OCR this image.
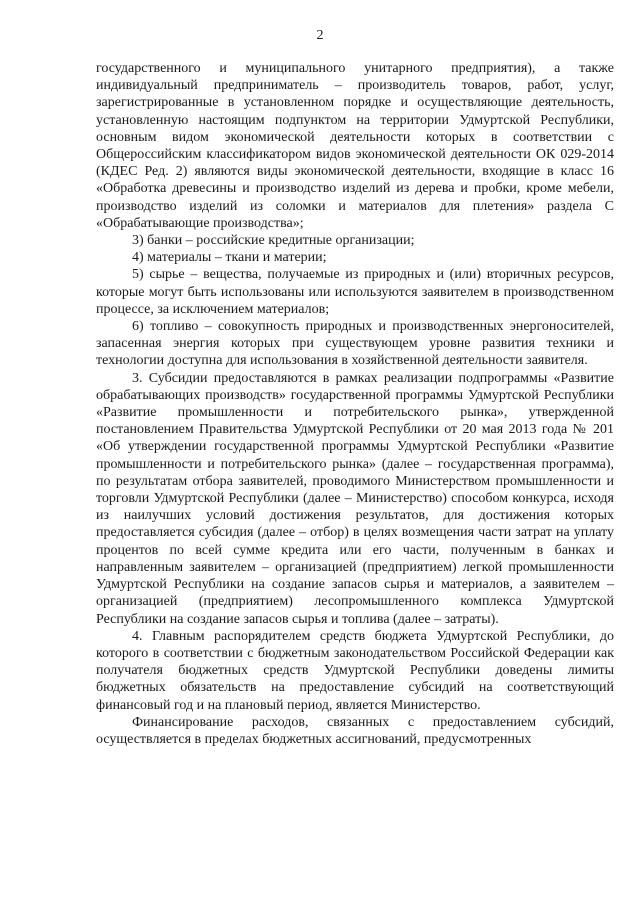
2

государственного и муниципального унитарного предприятия), а также индивидуальный предприниматель – производитель товаров, работ, услуг, зарегистрированные в установленном порядке и осуществляющие деятельность, установленную настоящим подпунктом на территории Удмуртской Республики, основным видом экономической деятельности которых в соответствии с Общероссийским классификатором видов экономической деятельности ОК 029-2014 (КДЕС Ред. 2) являются виды экономической деятельности, входящие в класс 16 «Обработка древесины и производство изделий из дерева и пробки, кроме мебели, производство изделий из соломки и материалов для плетения» раздела С «Обрабатывающие производства»;

3) банки – российские кредитные организации;

4) материалы – ткани и материи;

5) сырье – вещества, получаемые из природных и (или) вторичных ресурсов, которые могут быть использованы или используются заявителем в производственном процессе, за исключением материалов;

6) топливо – совокупность природных и производственных энергоносителей, запасенная энергия которых при существующем уровне развития техники и технологии доступна для использования в хозяйственной деятельности заявителя.

3. Субсидии предоставляются в рамках реализации подпрограммы «Развитие обрабатывающих производств» государственной программы Удмуртской Республики «Развитие промышленности и потребительского рынка», утвержденной постановлением Правительства Удмуртской Республики от 20 мая 2013 года № 201 «Об утверждении государственной программы Удмуртской Республики «Развитие промышленности и потребительского рынка» (далее – государственная программа), по результатам отбора заявителей, проводимого Министерством промышленности и торговли Удмуртской Республики (далее – Министерство) способом конкурса, исходя из наилучших условий достижения результатов, для достижения которых предоставляется субсидия (далее – отбор) в целях возмещения части затрат на уплату процентов по всей сумме кредита или его части, полученным в банках и направленным заявителем – организацией (предприятием) легкой промышленности Удмуртской Республики на создание запасов сырья и материалов, а заявителем – организацией (предприятием) лесопромышленного комплекса Удмуртской Республики на создание запасов сырья и топлива (далее – затраты).

4. Главным распорядителем средств бюджета Удмуртской Республики, до которого в соответствии с бюджетным законодательством Российской Федерации как получателя бюджетных средств Удмуртской Республики доведены лимиты бюджетных обязательств на предоставление субсидий на соответствующий финансовый год и на плановый период, является Министерство.

Финансирование расходов, связанных с предоставлением субсидий, осуществляется в пределах бюджетных ассигнований, предусмотренных
